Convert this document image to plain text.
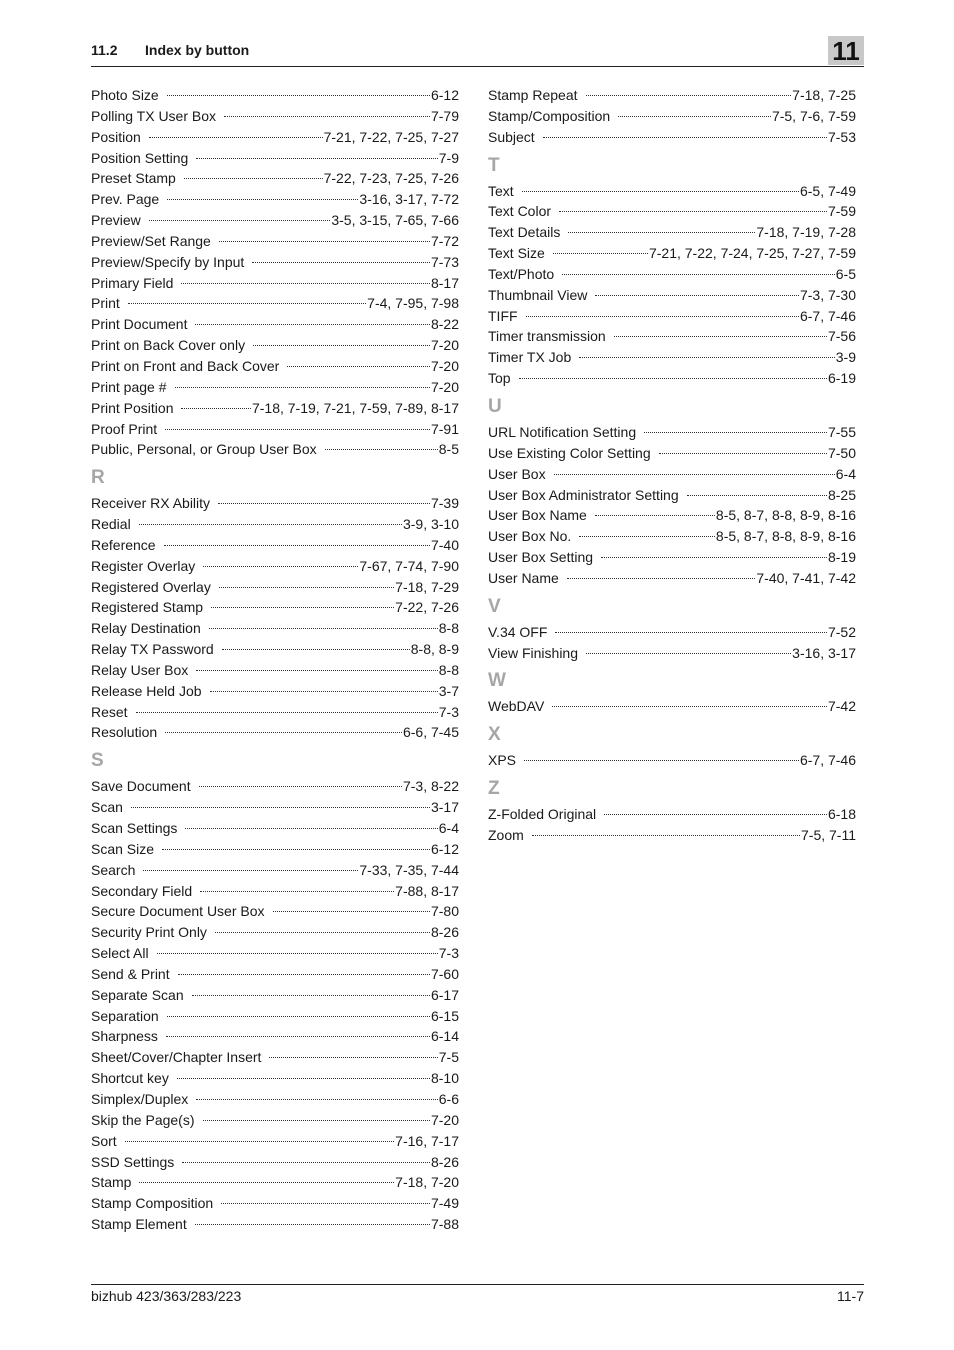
11.2 Index by button	11
Photo Size	6-12
Polling TX User Box	7-79
Position	7-21, 7-22, 7-25, 7-27
Position Setting	7-9
Preset Stamp	7-22, 7-23, 7-25, 7-26
Prev. Page	3-16, 3-17, 7-72
Preview	3-5, 3-15, 7-65, 7-66
Preview/Set Range	7-72
Preview/Specify by Input	7-73
Primary Field	8-17
Print	7-4, 7-95, 7-98
Print Document	8-22
Print on Back Cover only	7-20
Print on Front and Back Cover	7-20
Print page #	7-20
Print Position	7-18, 7-19, 7-21, 7-59, 7-89, 8-17
Proof Print	7-91
Public, Personal, or Group User Box	8-5
R
Receiver RX Ability	7-39
Redial	3-9, 3-10
Reference	7-40
Register Overlay	7-67, 7-74, 7-90
Registered Overlay	7-18, 7-29
Registered Stamp	7-22, 7-26
Relay Destination	8-8
Relay TX Password	8-8, 8-9
Relay User Box	8-8
Release Held Job	3-7
Reset	7-3
Resolution	6-6, 7-45
S
Save Document	7-3, 8-22
Scan	3-17
Scan Settings	6-4
Scan Size	6-12
Search	7-33, 7-35, 7-44
Secondary Field	7-88, 8-17
Secure Document User Box	7-80
Security Print Only	8-26
Select All	7-3
Send & Print	7-60
Separate Scan	6-17
Separation	6-15
Sharpness	6-14
Sheet/Cover/Chapter Insert	7-5
Shortcut key	8-10
Simplex/Duplex	6-6
Skip the Page(s)	7-20
Sort	7-16, 7-17
SSD Settings	8-26
Stamp	7-18, 7-20
Stamp Composition	7-49
Stamp Element	7-88
Stamp Repeat	7-18, 7-25
Stamp/Composition	7-5, 7-6, 7-59
Subject	7-53
T
Text	6-5, 7-49
Text Color	7-59
Text Details	7-18, 7-19, 7-28
Text Size	7-21, 7-22, 7-24, 7-25, 7-27, 7-59
Text/Photo	6-5
Thumbnail View	7-3, 7-30
TIFF	6-7, 7-46
Timer transmission	7-56
Timer TX Job	3-9
Top	6-19
U
URL Notification Setting	7-55
Use Existing Color Setting	7-50
User Box	6-4
User Box Administrator Setting	8-25
User Box Name	8-5, 8-7, 8-8, 8-9, 8-16
User Box No.	8-5, 8-7, 8-8, 8-9, 8-16
User Box Setting	8-19
User Name	7-40, 7-41, 7-42
V
V.34 OFF	7-52
View Finishing	3-16, 3-17
W
WebDAV	7-42
X
XPS	6-7, 7-46
Z
Z-Folded Original	6-18
Zoom	7-5, 7-11
bizhub 423/363/283/223	11-7
